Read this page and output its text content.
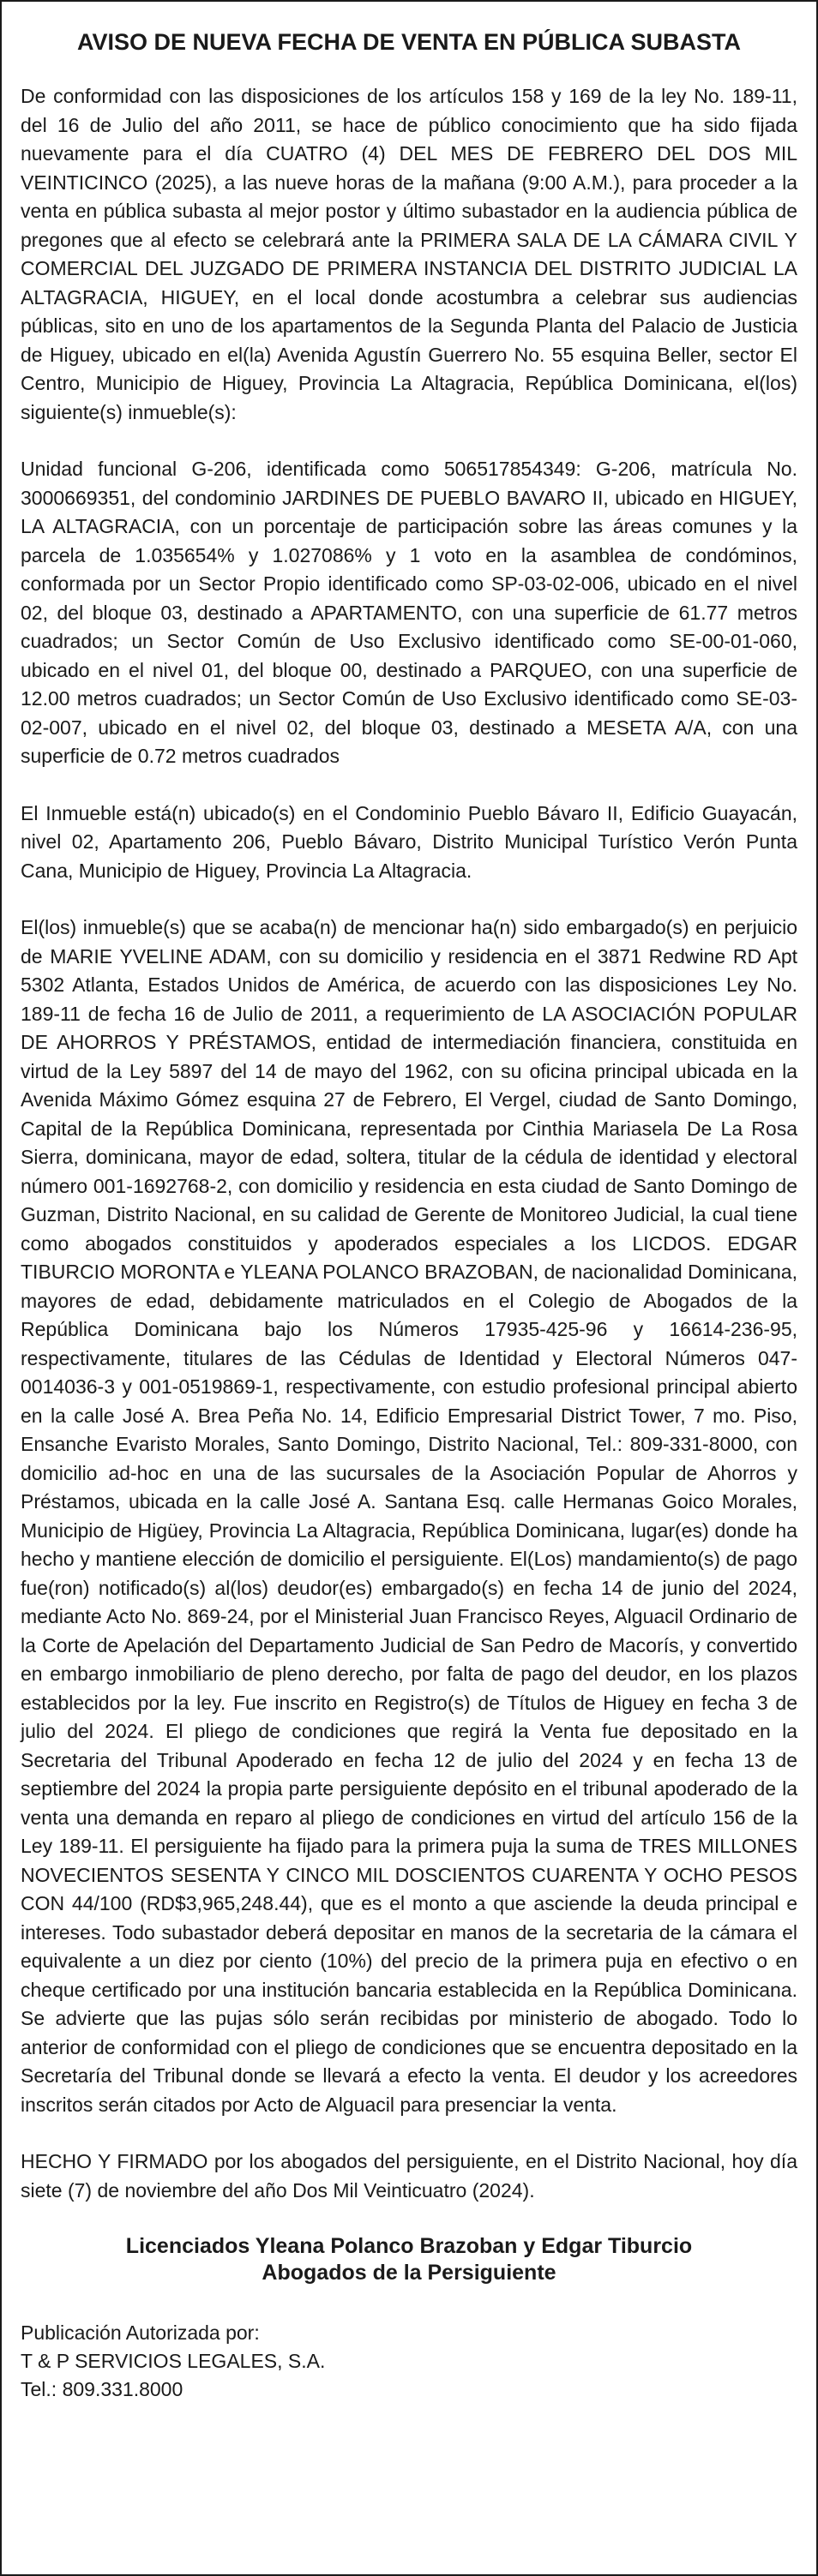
AVISO DE NUEVA FECHA DE VENTA EN PÚBLICA SUBASTA

De conformidad con las disposiciones de los artículos 158 y 169 de la ley No. 189-11, del 16 de Julio del año 2011, se hace de público conocimiento que ha sido fijada nuevamente para el día CUATRO (4) DEL MES DE FEBRERO DEL DOS MIL VEINTICINCO (2025), a las nueve horas de la mañana (9:00 A.M.), para proceder a la venta en pública subasta al mejor postor y último subastador en la audiencia pública de pregones que al efecto se celebrará ante la PRIMERA SALA DE LA CÁMARA CIVIL Y COMERCIAL DEL JUZGADO DE PRIMERA INSTANCIA DEL DISTRITO JUDICIAL LA ALTAGRACIA, HIGUEY, en el local donde acostumbra a celebrar sus audiencias públicas, sito en uno de los apartamentos de la Segunda Planta del Palacio de Justicia de Higuey, ubicado en el(la) Avenida Agustín Guerrero No. 55 esquina Beller, sector El Centro, Municipio de Higuey, Provincia La Altagracia, República Dominicana, el(los) siguiente(s) inmueble(s):

Unidad funcional G-206, identificada como 506517854349: G-206, matrícula No. 3000669351, del condominio JARDINES DE PUEBLO BAVARO II, ubicado en HIGUEY, LA ALTAGRACIA, con un porcentaje de participación sobre las áreas comunes y la parcela de 1.035654% y 1.027086% y 1 voto en la asamblea de condóminos, conformada por un Sector Propio identificado como SP-03-02-006, ubicado en el nivel 02, del bloque 03, destinado a APARTAMENTO, con una superficie de 61.77 metros cuadrados; un Sector Común de Uso Exclusivo identificado como SE-00-01-060, ubicado en el nivel 01, del bloque 00, destinado a PARQUEO, con una superficie de 12.00 metros cuadrados; un Sector Común de Uso Exclusivo identificado como SE-03-02-007, ubicado en el nivel 02, del bloque 03, destinado a MESETA A/A, con una superficie de 0.72 metros cuadrados

El Inmueble está(n) ubicado(s) en el Condominio Pueblo Bávaro II, Edificio Guayacán, nivel 02, Apartamento 206, Pueblo Bávaro, Distrito Municipal Turístico Verón Punta Cana, Municipio de Higuey, Provincia La Altagracia.

El(los) inmueble(s) que se acaba(n) de mencionar ha(n) sido embargado(s) en perjuicio de MARIE YVELINE ADAM, con su domicilio y residencia en el 3871 Redwine RD Apt 5302 Atlanta, Estados Unidos de América, de acuerdo con las disposiciones Ley No. 189-11 de fecha 16 de Julio de 2011, a requerimiento de LA ASOCIACIÓN POPULAR DE AHORROS Y PRÉSTAMOS, entidad de intermediación financiera, constituida en virtud de la Ley 5897 del 14 de mayo del 1962, con su oficina principal ubicada en la Avenida Máximo Gómez esquina 27 de Febrero, El Vergel, ciudad de Santo Domingo, Capital de la República Dominicana, representada por Cinthia Mariasela De La Rosa Sierra, dominicana, mayor de edad, soltera, titular de la cédula de identidad y electoral número 001-1692768-2, con domicilio y residencia en esta ciudad de Santo Domingo de Guzman, Distrito Nacional, en su calidad de Gerente de Monitoreo Judicial, la cual tiene como abogados constituidos y apoderados especiales a los LICDOS. EDGAR TIBURCIO MORONTA e YLEANA POLANCO BRAZOBAN, de nacionalidad Dominicana, mayores de edad, debidamente matriculados en el Colegio de Abogados de la República Dominicana bajo los Números 17935-425-96 y 16614-236-95, respectivamente, titulares de las Cédulas de Identidad y Electoral Números 047-0014036-3 y 001-0519869-1, respectivamente, con estudio profesional principal abierto en la calle José A. Brea Peña No. 14, Edificio Empresarial District Tower, 7 mo. Piso, Ensanche Evaristo Morales, Santo Domingo, Distrito Nacional, Tel.: 809-331-8000, con domicilio ad-hoc en una de las sucursales de la Asociación Popular de Ahorros y Préstamos, ubicada en la calle José A. Santana Esq. calle Hermanas Goico Morales, Municipio de Higüey, Provincia La Altagracia, República Dominicana, lugar(es) donde ha hecho y mantiene elección de domicilio el persiguiente. El(Los) mandamiento(s) de pago fue(ron) notificado(s) al(los) deudor(es) embargado(s) en fecha 14 de junio del 2024, mediante Acto No. 869-24, por el Ministerial Juan Francisco Reyes, Alguacil Ordinario de la Corte de Apelación del Departamento Judicial de San Pedro de Macorís, y convertido en embargo inmobiliario de pleno derecho, por falta de pago del deudor, en los plazos establecidos por la ley. Fue inscrito en Registro(s) de Títulos de Higuey en fecha 3 de julio del 2024. El pliego de condiciones que regirá la Venta fue depositado en la Secretaria del Tribunal Apoderado en fecha 12 de julio del 2024 y en fecha 13 de septiembre del 2024 la propia parte persiguiente depósito en el tribunal apoderado de la venta una demanda en reparo al pliego de condiciones en virtud del artículo 156 de la Ley 189-11. El persiguiente ha fijado para la primera puja la suma de TRES MILLONES NOVECIENTOS SESENTA Y CINCO MIL DOSCIENTOS CUARENTA Y OCHO PESOS CON 44/100 (RD$3,965,248.44), que es el monto a que asciende la deuda principal e intereses. Todo subastador deberá depositar en manos de la secretaria de la cámara el equivalente a un diez por ciento (10%) del precio de la primera puja en efectivo o en cheque certificado por una institución bancaria establecida en la República Dominicana. Se advierte que las pujas sólo serán recibidas por ministerio de abogado. Todo lo anterior de conformidad con el pliego de condiciones que se encuentra depositado en la Secretaría del Tribunal donde se llevará a efecto la venta. El deudor y los acreedores inscritos serán citados por Acto de Alguacil para presenciar la venta.

HECHO Y FIRMADO por los abogados del persiguiente, en el Distrito Nacional, hoy día siete (7) de noviembre del año Dos Mil Veinticuatro (2024).

Licenciados Yleana Polanco Brazoban y Edgar Tiburcio
Abogados de la Persiguiente
Publicación Autorizada por:
T & P SERVICIOS LEGALES, S.A.
Tel.: 809.331.8000
